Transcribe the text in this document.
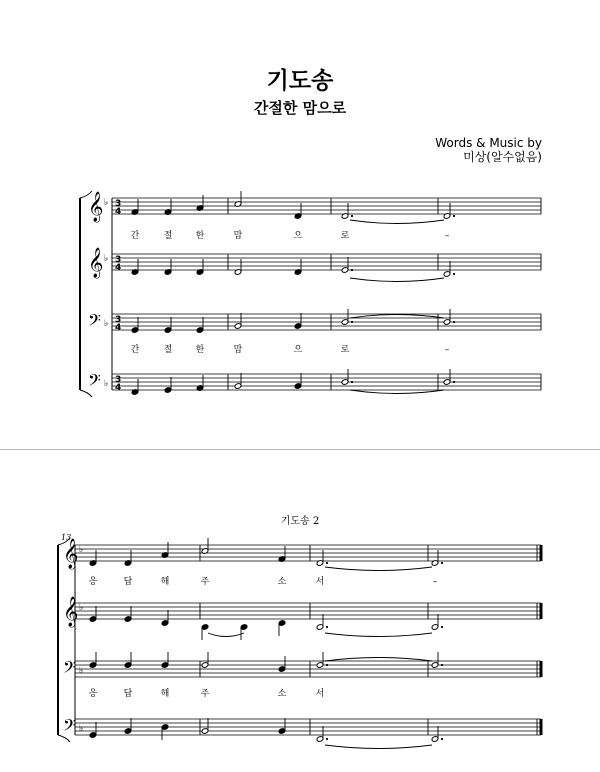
기도송
간절한 맘으로
Words & Music by
미상(알수없음)
𝄞 ♭ 3
4
𝄞 ♭ 3
4
𝄢 ♭ 3
4
𝄢 ♭ 3
4
간	절	한	맘	으	로	–
간	절	한	맘	으	로	–
13
𝄞 ♭
𝄞 ♭
𝄢 ♭
𝄢 ♭
응	답	해	주	소	서	–
응	답	해	주	소	서
기도송 2
